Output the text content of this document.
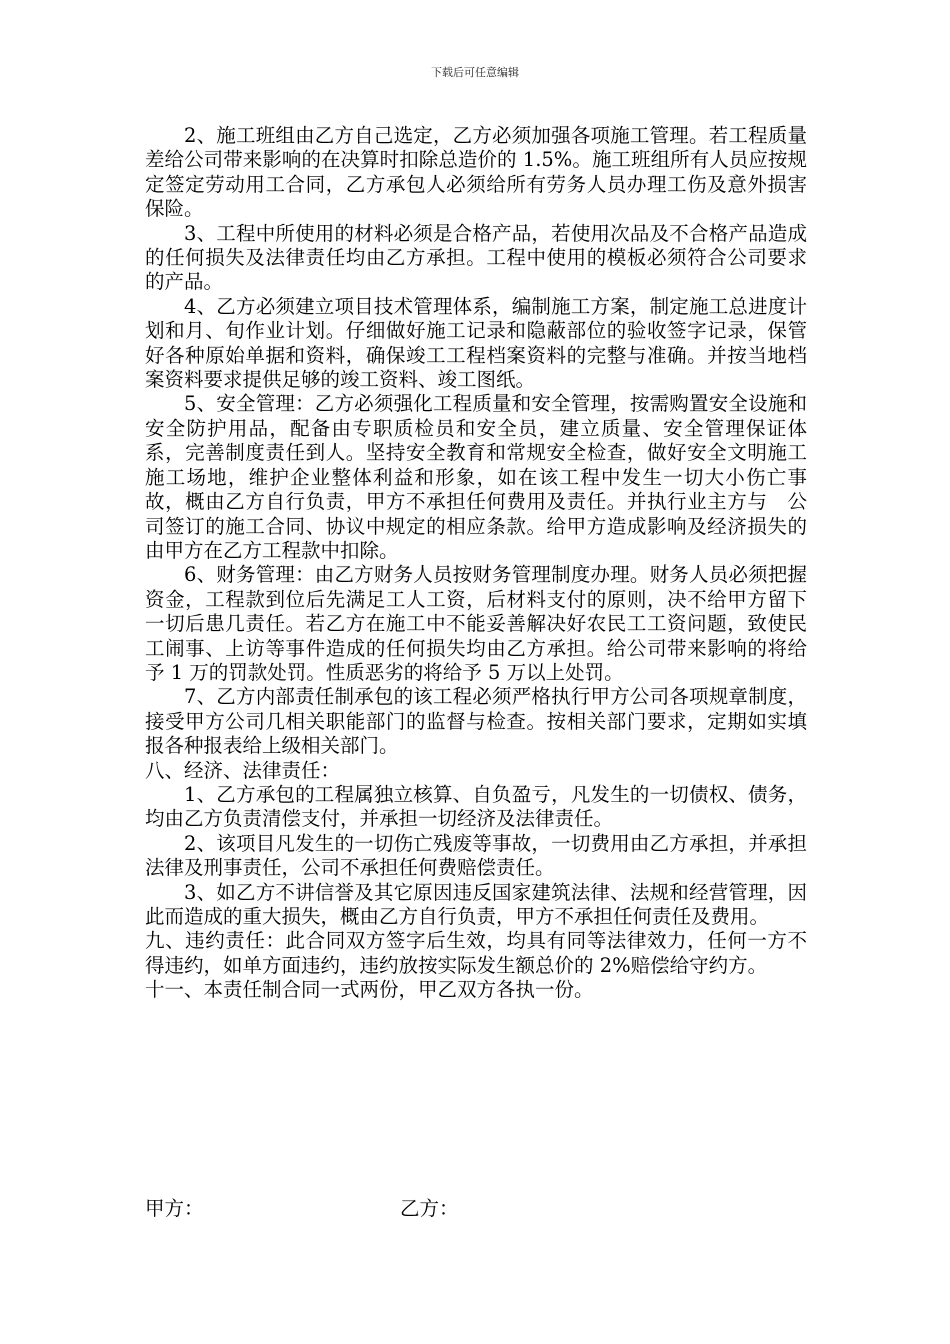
下载后可任意编辑

2、施工班组由乙方自己选定，乙方必须加强各项施工管理。若工程质量差给公司带来影响的在决算时扣除总造价的 1.5%。施工班组所有人员应按规定签定劳动用工合同，乙方承包人必须给所有劳务人员办理工伤及意外损害保险。

3、工程中所使用的材料必须是合格产品，若使用次品及不合格产品造成的任何损失及法律责任均由乙方承担。工程中使用的模板必须符合公司要求的产品。

4、乙方必须建立项目技术管理体系，编制施工方案，制定施工总进度计划和月、旬作业计划。仔细做好施工记录和隐蔽部位的验收签字记录，保管好各种原始单据和资料，确保竣工工程档案资料的完整与准确。并按当地档案资料要求提供足够的竣工资料、竣工图纸。

5、安全管理：乙方必须强化工程质量和安全管理，按需购置安全设施和安全防护用品，配备由专职质检员和安全员，建立质量、安全管理保证体系，完善制度责任到人。坚持安全教育和常规安全检查，做好安全文明施工施工场地，维护企业整体利益和形象，如在该工程中发生一切大小伤亡事故，概由乙方自行负责，甲方不承担任何费用及责任。并执行业主方与　公司签订的施工合同、协议中规定的相应条款。给甲方造成影响及经济损失的由甲方在乙方工程款中扣除。

6、财务管理：由乙方财务人员按财务管理制度办理。财务人员必须把握资金，工程款到位后先满足工人工资，后材料支付的原则，决不给甲方留下一切后患几责任。若乙方在施工中不能妥善解决好农民工工资问题，致使民工闹事、上访等事件造成的任何损失均由乙方承担。给公司带来影响的将给予 1 万的罚款处罚。性质恶劣的将给予 5 万以上处罚。

7、乙方内部责任制承包的该工程必须严格执行甲方公司各项规章制度，接受甲方公司几相关职能部门的监督与检查。按相关部门要求，定期如实填报各种报表给上级相关部门。

八、经济、法律责任：

1、乙方承包的工程属独立核算、自负盈亏，凡发生的一切债权、债务，均由乙方负责清偿支付，并承担一切经济及法律责任。

2、该项目凡发生的一切伤亡残废等事故，一切费用由乙方承担，并承担法律及刑事责任，公司不承担任何费赔偿责任。

3、如乙方不讲信誉及其它原因违反国家建筑法律、法规和经营管理，因此而造成的重大损失，概由乙方自行负责，甲方不承担任何责任及费用。

九、违约责任：此合同双方签字后生效，均具有同等法律效力，任何一方不得违约，如单方面违约，违约放按实际发生额总价的 2%赔偿给守约方。

十一、本责任制合同一式两份，甲乙双方各执一份。

甲方：	乙方：
